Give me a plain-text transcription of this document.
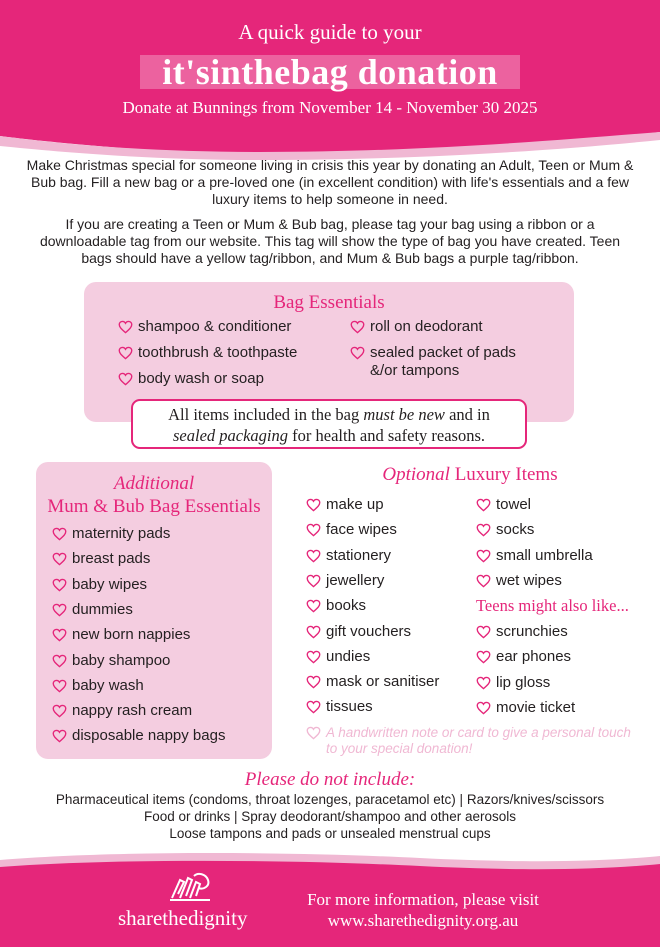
A quick guide to your
it'sinthebag donation
Donate at Bunnings from November 14 - November 30 2025

Make Christmas special for someone living in crisis this year by donating an Adult, Teen or Mum & Bub bag. Fill a new bag or a pre-loved one (in excellent condition) with life's essentials and a few luxury items to help someone in need.

If you are creating a Teen or Mum & Bub bag, please tag your bag using a ribbon or a downloadable tag from our website. This tag will show the type of bag you have created. Teen bags should have a yellow tag/ribbon, and Mum & Bub bags a purple tag/ribbon.

Bag Essentials
shampoo & conditioner
toothbrush & toothpaste
body wash or soap
roll on deodorant
sealed packet of pads &/or tampons
All items included in the bag must be new and in
sealed packaging for health and safety reasons.
Additional
Mum & Bub Bag Essentials
maternity pads
breast pads
baby wipes
dummies
new born nappies
baby shampoo
baby wash
nappy rash cream
disposable nappy bags
Optional Luxury Items
make up
face wipes
stationery
jewellery
books
gift vouchers
undies
mask or sanitiser
tissues
towel
socks
small umbrella
wet wipes
Teens might also like...
scrunchies
ear phones
lip gloss
movie ticket
A handwritten note or card to give a personal touch to your special donation!
Please do not include:
Pharmaceutical items (condoms, throat lozenges, paracetamol etc) | Razors/knives/scissors
Food or drinks | Spray deodorant/shampoo and other aerosols
Loose tampons and pads or unsealed menstrual cups
sharethedignity
For more information, please visit
www.sharethedignity.org.au
